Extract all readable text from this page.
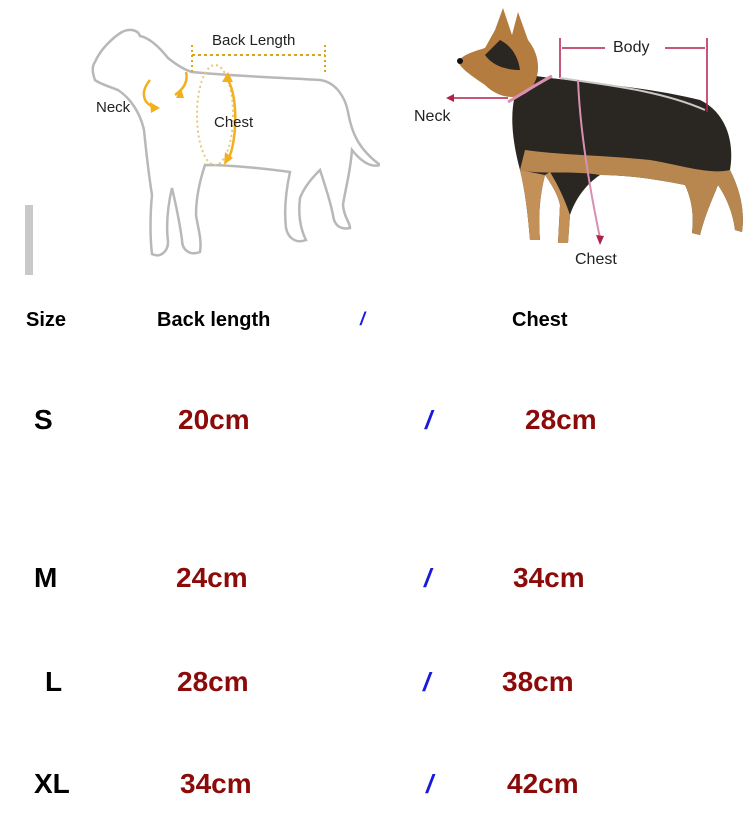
Back Length
Neck
Chest
Body
Neck
Chest
Size	Back length	/	Chest
S	20cm	/	28cm
M	24cm	/	34cm
L	28cm	/	38cm
XL	34cm	/	42cm
